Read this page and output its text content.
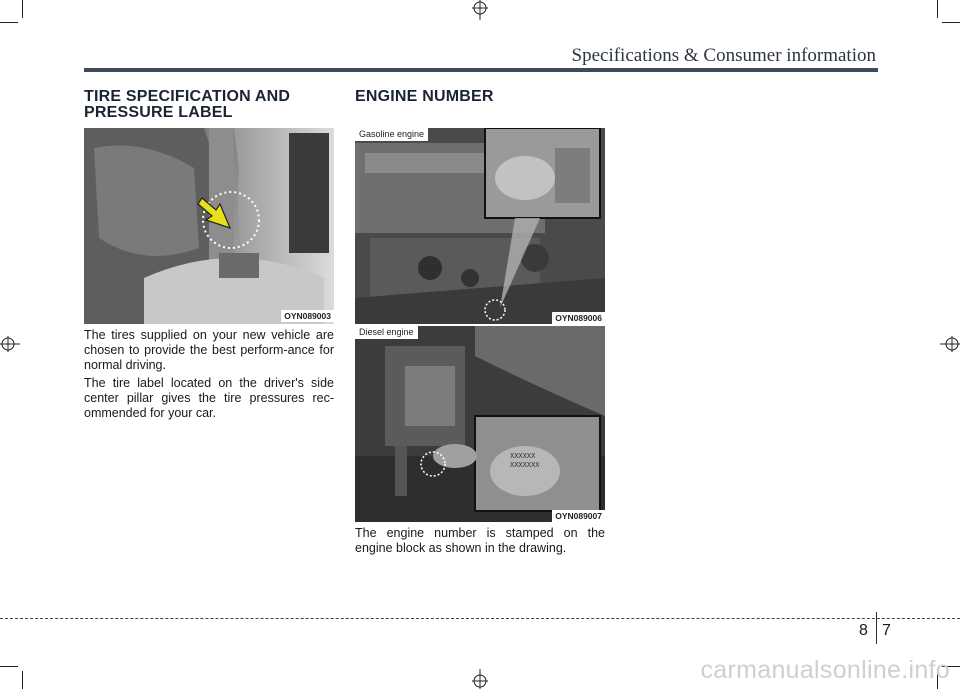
Specifications & Consumer information
TIRE SPECIFICATION AND
PRESSURE LABEL
OYN089003
The tires supplied on your new vehicle are chosen to provide the best perform-ance for normal driving.
The tire label located on the driver's side center pillar gives the tire pressures rec-ommended for your car.
ENGINE NUMBER
Gasoline engine
OYN089006
XXXXXX
XXXXXXX
Diesel engine
OYN089007
The engine number is stamped on the engine block as shown in the drawing.
8 7
carmanualsonline.info
